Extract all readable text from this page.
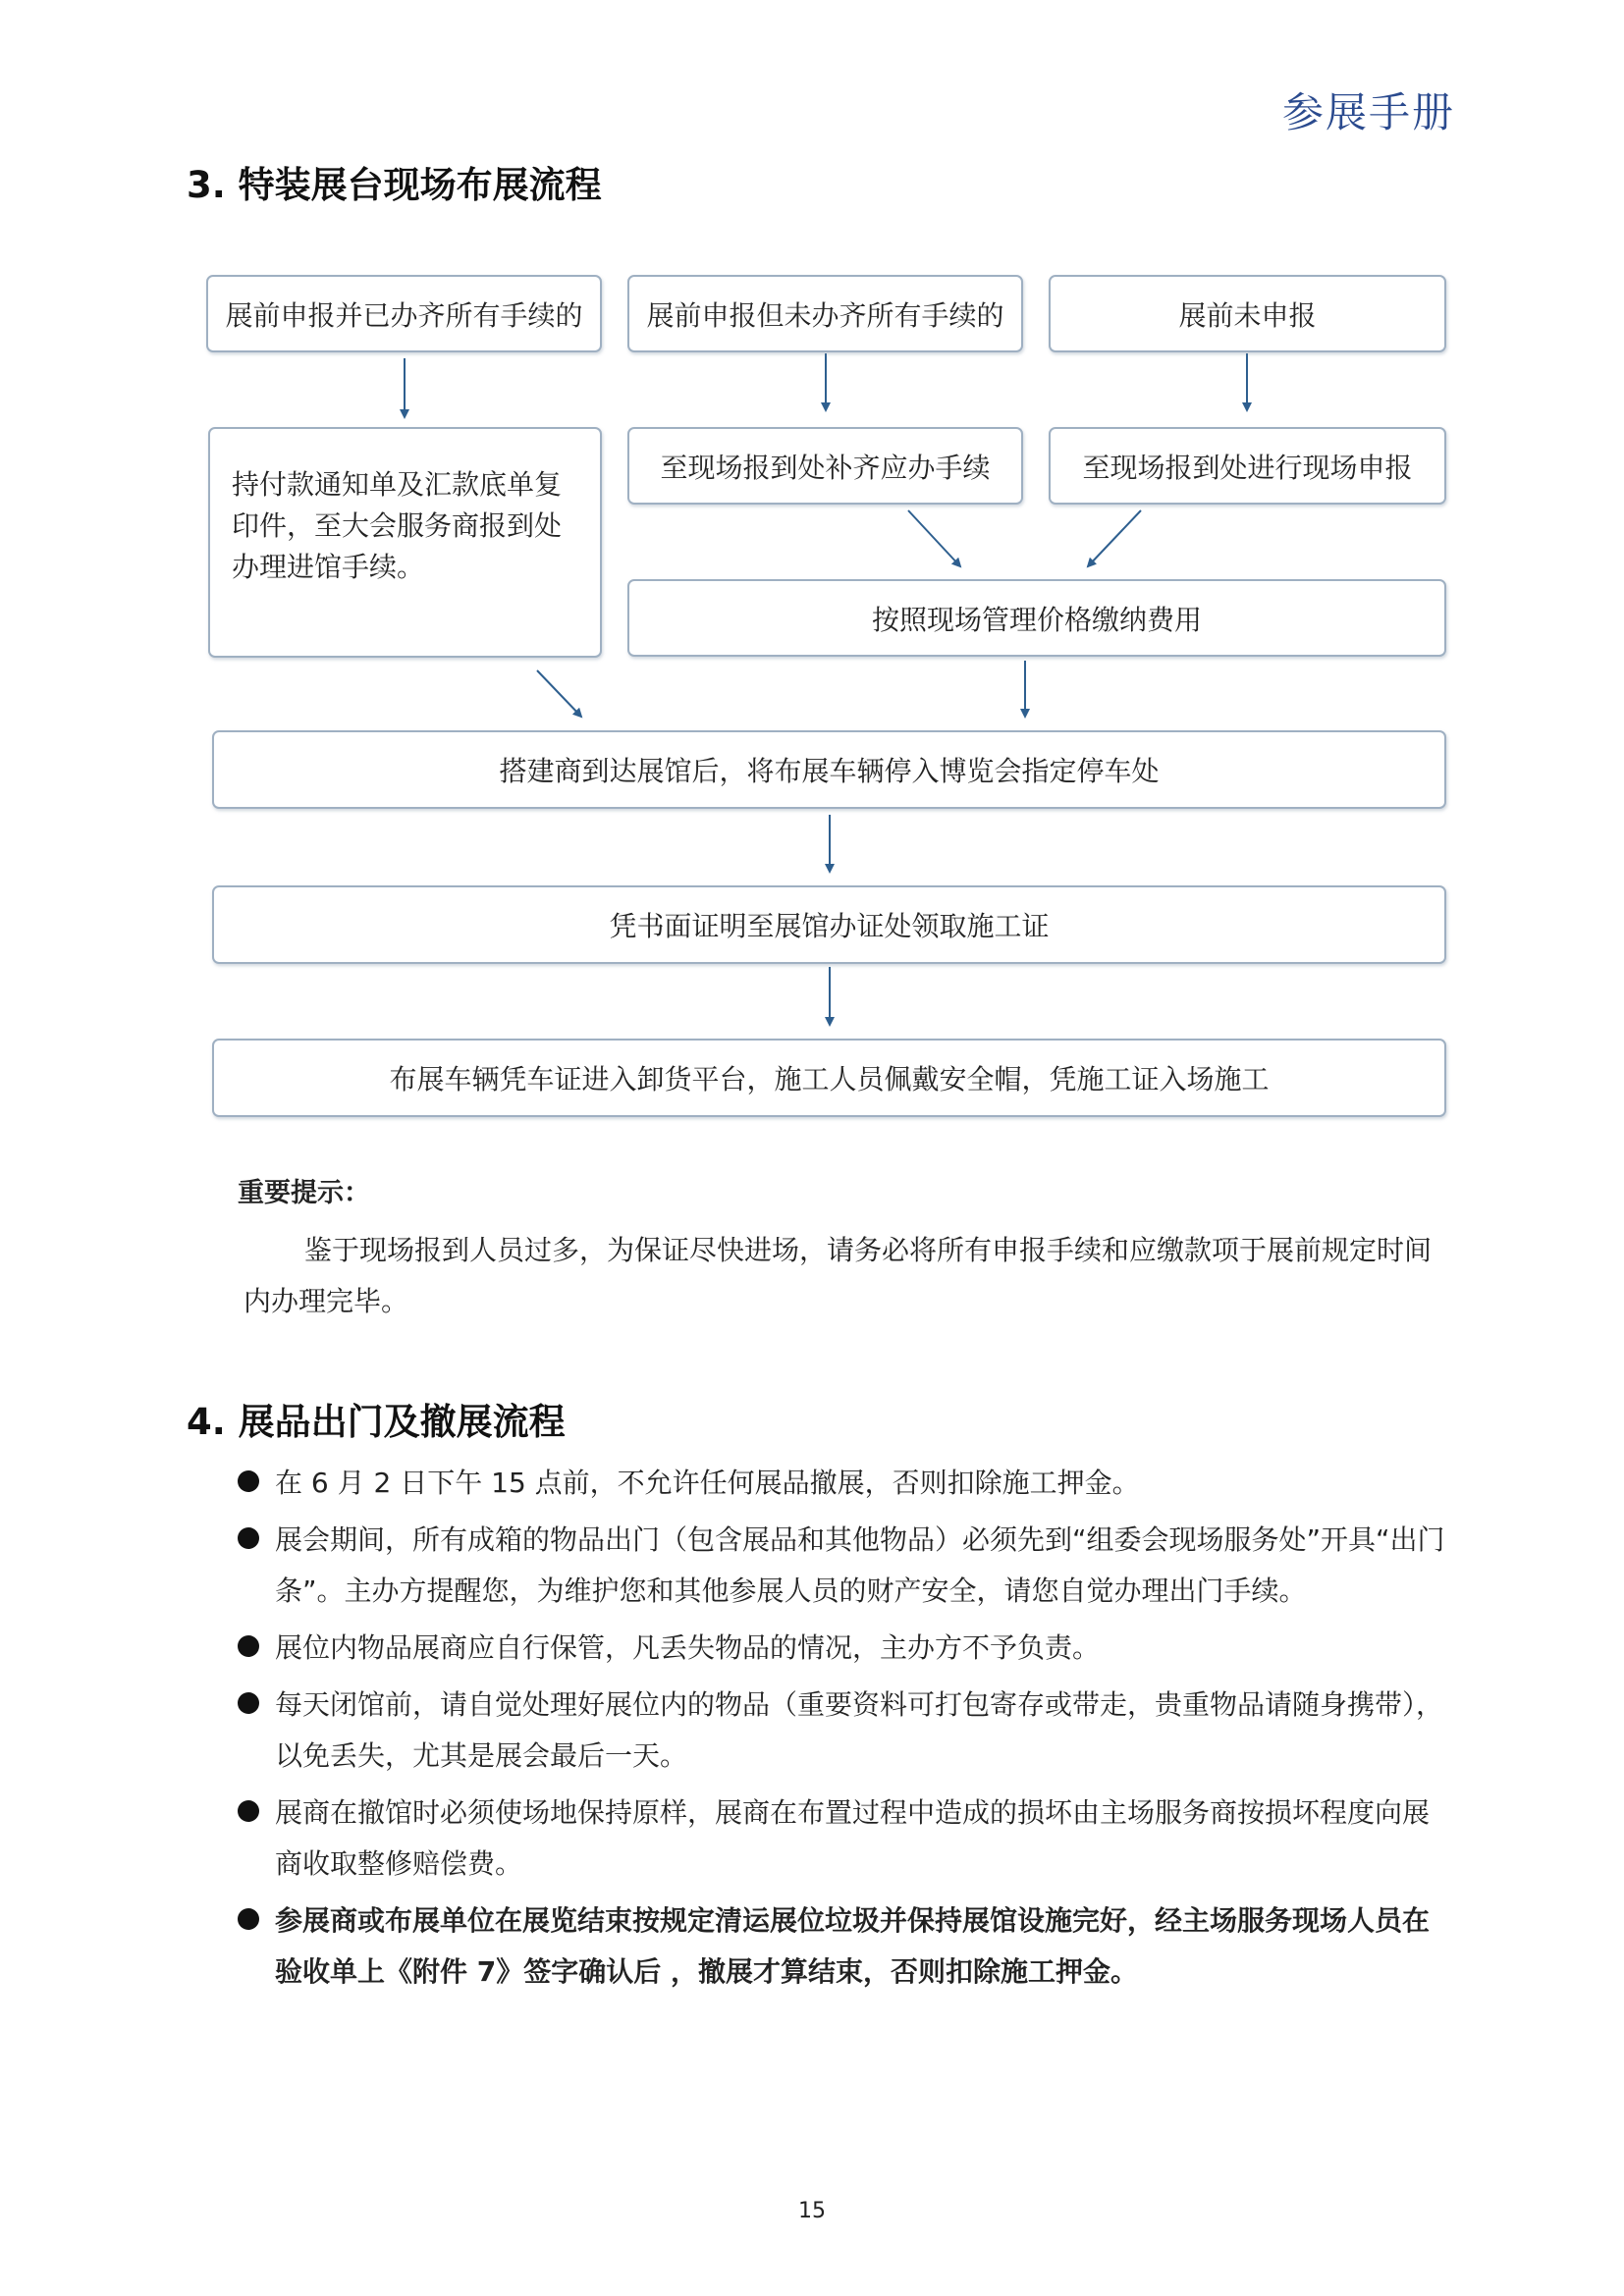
参展手册
3. 特装展台现场布展流程
展前申报并已办齐所有手续的	展前申报但未办齐所有手续的	展前未申报
持付款通知单及汇款底单复印件，至大会服务商报到处办理进馆手续。
至现场报到处补齐应办手续	至现场报到处进行现场申报
按照现场管理价格缴纳费用
搭建商到达展馆后，将布展车辆停入博览会指定停车处
凭书面证明至展馆办证处领取施工证
布展车辆凭车证进入卸货平台，施工人员佩戴安全帽，凭施工证入场施工
重要提示：
鉴于现场报到人员过多，为保证尽快进场，请务必将所有申报手续和应缴款项于展前规定时间内办理完毕。
4. 展品出门及撤展流程
在 6 月 2 日下午 15 点前，不允许任何展品撤展，否则扣除施工押金。
展会期间，所有成箱的物品出门（包含展品和其他物品）必须先到“组委会现场服务处”开具“出门条”。主办方提醒您，为维护您和其他参展人员的财产安全，请您自觉办理出门手续。
展位内物品展商应自行保管，凡丢失物品的情况，主办方不予负责。
每天闭馆前，请自觉处理好展位内的物品（重要资料可打包寄存或带走，贵重物品请随身携带），以免丢失，尤其是展会最后一天。
展商在撤馆时必须使场地保持原样，展商在布置过程中造成的损坏由主场服务商按损坏程度向展商收取整修赔偿费。
参展商或布展单位在展览结束按规定清运展位垃圾并保持展馆设施完好，经主场服务现场人员在验收单上《附件 7》签字确认后 ，撤展才算结束，否则扣除施工押金。
15
